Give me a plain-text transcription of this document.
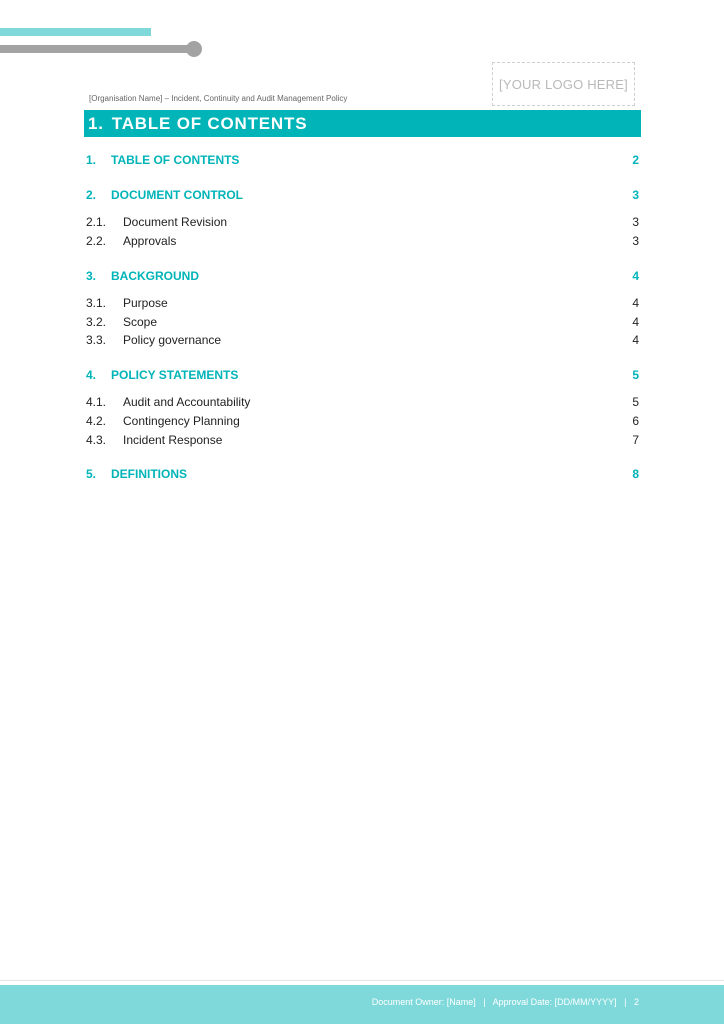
[YOUR LOGO HERE]
[Organisation Name] – Incident, Continuity and Audit Management Policy
1. TABLE OF CONTENTS
1.	TABLE OF CONTENTS	2
2.	DOCUMENT CONTROL	3
2.1.	Document Revision	3
2.2.	Approvals	3
3.	BACKGROUND	4
3.1.	Purpose	4
3.2.	Scope	4
3.3.	Policy governance	4
4.	POLICY STATEMENTS	5
4.1.	Audit and Accountability	5
4.2.	Contingency Planning	6
4.3.	Incident Response	7
5.	DEFINITIONS	8
Document Owner: [Name]   |   Approval Date: [DD/MM/YYYY]   |   2
